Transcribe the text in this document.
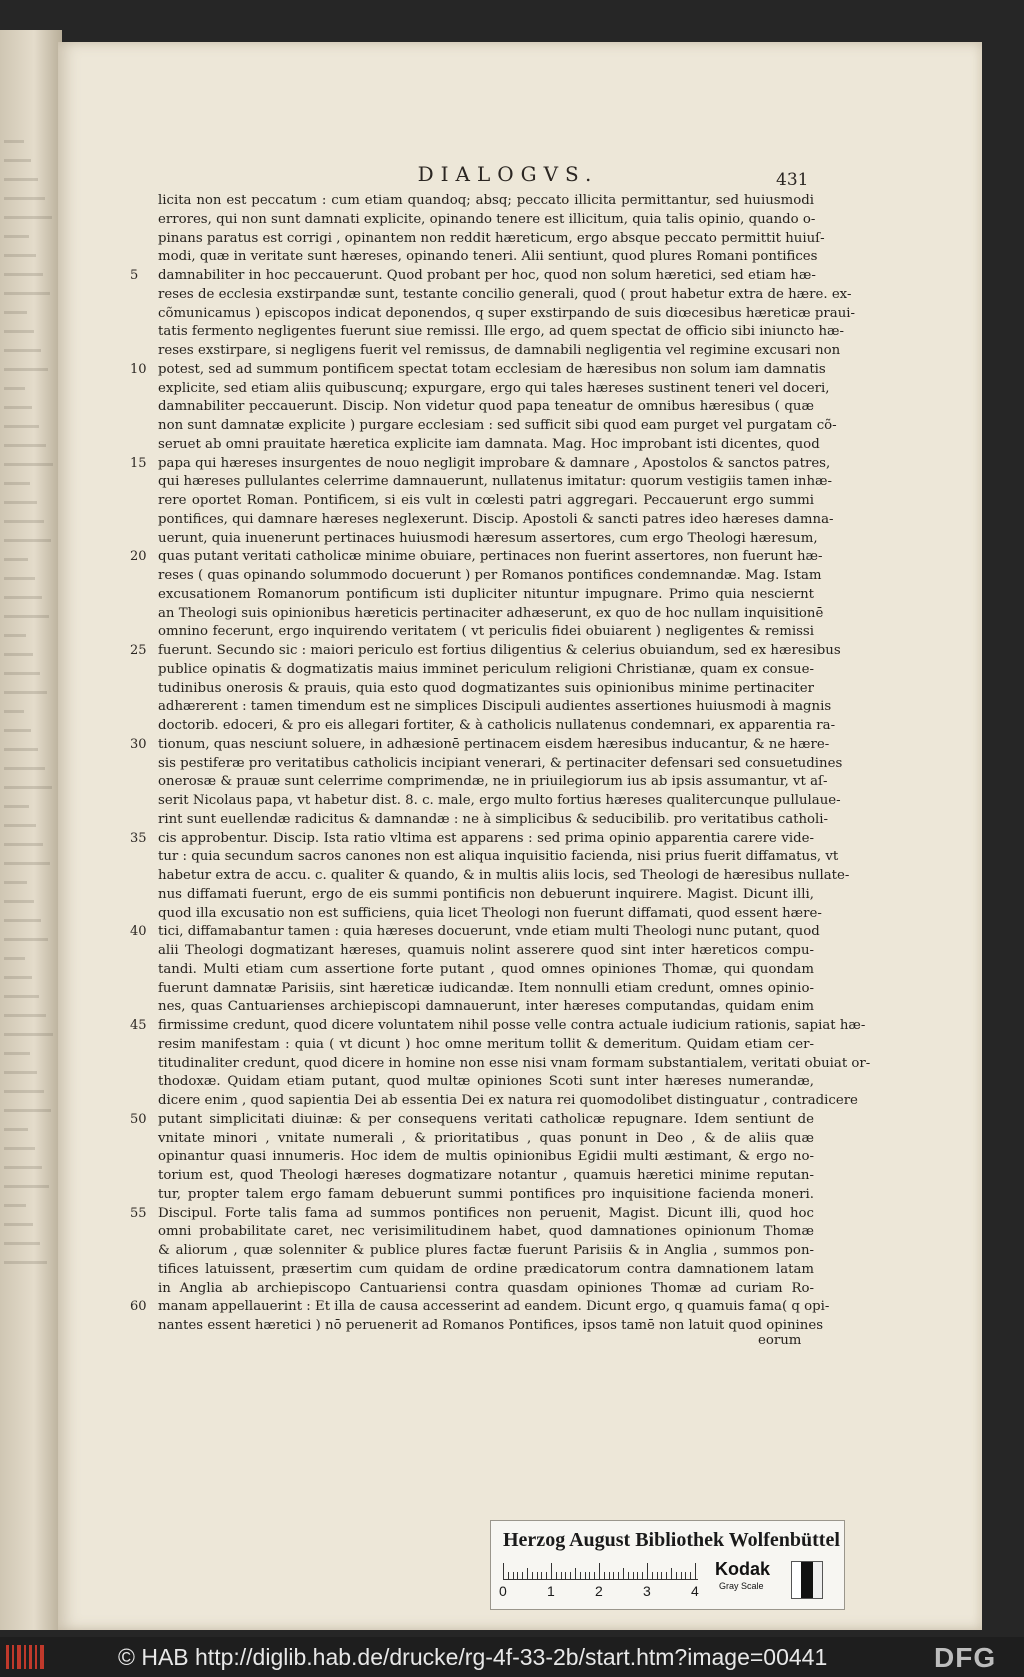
DIALOGVS.	431
licita non est peccatum : cum etiam quandoq; absq; peccato illicita permittantur, sed huiusmodi
errores, qui non sunt damnati explicite, opinando tenere est illicitum, quia talis opinio, quando o-
pinans paratus est corrigi , opinantem non reddit hæreticum, ergo absque peccato permittit huiuſ-
modi, quæ in veritate sunt hæreses, opinando teneri. Alii sentiunt, quod plures Romani pontifices
5	damnabiliter in hoc peccauerunt. Quod probant per hoc, quod non solum hæretici, sed etiam hæ-
reses de ecclesia exstirpandæ sunt, testante concilio generali, quod ( prout habetur extra de hære. ex-
cõmunicamus ) episcopos indicat deponendos, q super exstirpando de suis diœcesibus hæreticæ praui-
tatis fermento negligentes fuerunt siue remissi. Ille ergo, ad quem spectat de officio sibi iniuncto hæ-
reses exstirpare, si negligens fuerit vel remissus, de damnabili negligentia vel regimine excusari non
10 potest, sed ad summum pontificem spectat totam ecclesiam de hæresibus non solum iam damnatis
explicite, sed etiam aliis quibuscunq; expurgare, ergo qui tales hæreses sustinent teneri vel doceri,
damnabiliter peccauerunt. Discip. Non videtur quod papa teneatur de omnibus hæresibus ( quæ
non sunt damnatæ explicite ) purgare ecclesiam : sed sufficit sibi quod eam purget vel purgatam cõ-
seruet ab omni prauitate hæretica explicite iam damnata. Mag. Hoc improbant isti dicentes, quod
15 papa qui hæreses insurgentes de nouo negligit improbare & damnare , Apostolos & sanctos patres,
qui hæreses pullulantes celerrime damnauerunt, nullatenus imitatur: quorum vestigiis tamen inhæ-
rere oportet Roman. Pontificem, si eis vult in cœlesti patri aggregari. Peccauerunt ergo summi
pontifices, qui damnare hæreses neglexerunt. Discip. Apostoli & sancti patres ideo hæreses damna-
uerunt, quia inuenerunt pertinaces huiusmodi hæresum assertores, cum ergo Theologi hæresum,
20 quas putant veritati catholicæ minime obuiare, pertinaces non fuerint assertores, non fuerunt hæ-
reses ( quas opinando solummodo docuerunt ) per Romanos pontifices condemnandæ. Mag. Istam
excusationem Romanorum pontificum isti dupliciter nituntur impugnare. Primo quia nesciernt
an Theologi suis opinionibus hæreticis pertinaciter adhæserunt, ex quo de hoc nullam inquisitionē
omnino fecerunt, ergo inquirendo veritatem ( vt periculis fidei obuiarent ) negligentes & remissi
25 fuerunt. Secundo sic : maiori periculo est fortius diligentius & celerius obuiandum, sed ex hæresibus
publice opinatis & dogmatizatis maius imminet periculum religioni Christianæ, quam ex consue-
tudinibus onerosis & prauis, quia esto quod dogmatizantes suis opinionibus minime pertinaciter
adhærerent : tamen timendum est ne simplices Discipuli audientes assertiones huiusmodi à magnis
doctorib. edoceri, & pro eis allegari fortiter, & à catholicis nullatenus condemnari, ex apparentia ra-
30 tionum, quas nesciunt soluere, in adhæsionē pertinacem eisdem hæresibus inducantur, & ne hære-
sis pestiferæ pro veritatibus catholicis incipiant venerari, & pertinaciter defensari sed consuetudines
onerosæ & prauæ sunt celerrime comprimendæ, ne in priuilegiorum ius ab ipsis assumantur, vt aſ-
serit Nicolaus papa, vt habetur dist. 8. c. male, ergo multo fortius hæreses qualitercunque pullulaue-
rint sunt euellendæ radicitus & damnandæ : ne à simplicibus & seducibilib. pro veritatibus catholi-
35 cis approbentur. Discip. Ista ratio vltima est apparens : sed prima opinio apparentia carere vide-
tur : quia secundum sacros canones non est aliqua inquisitio facienda, nisi prius fuerit diffamatus, vt
habetur extra de accu. c. qualiter & quando, & in multis aliis locis, sed Theologi de hæresibus nullate-
nus diffamati fuerunt, ergo de eis summi pontificis non debuerunt inquirere. Magist. Dicunt illi,
quod illa excusatio non est sufficiens, quia licet Theologi non fuerunt diffamati, quod essent hære-
40 tici, diffamabantur tamen : quia hæreses docuerunt, vnde etiam multi Theologi nunc putant, quod
alii Theologi dogmatizant hæreses, quamuis nolint asserere quod sint inter hæreticos compu-
tandi. Multi etiam cum assertione forte putant , quod omnes opiniones Thomæ, qui quondam
fuerunt damnatæ Parisiis, sint hæreticæ iudicandæ. Item nonnulli etiam credunt, omnes opinio-
nes, quas Cantuarienses archiepiscopi damnauerunt, inter hæreses computandas, quidam enim
45 firmissime credunt, quod dicere voluntatem nihil posse velle contra actuale iudicium rationis, sapiat hæ-
resim manifestam : quia ( vt dicunt ) hoc omne meritum tollit & demeritum. Quidam etiam cer-
titudinaliter credunt, quod dicere in homine non esse nisi vnam formam substantialem, veritati obuiat or-
thodoxæ. Quidam etiam putant, quod multæ opiniones Scoti sunt inter hæreses numerandæ,
dicere enim , quod sapientia Dei ab essentia Dei ex natura rei quomodolibet distinguatur , contradicere
50 putant simplicitati diuinæ: & per consequens veritati catholicæ repugnare. Idem sentiunt de
vnitate minori , vnitate numerali , & prioritatibus , quas ponunt in Deo , & de aliis quæ
opinantur quasi innumeris. Hoc idem de multis opinionibus Egidii multi æstimant, & ergo no-
torium est, quod Theologi hæreses dogmatizare notantur , quamuis hæretici minime reputan-
tur, propter talem ergo famam debuerunt summi pontifices pro inquisitione facienda moneri.
55 Discipul. Forte talis fama ad summos pontifices non peruenit, Magist. Dicunt illi, quod hoc
omni probabilitate caret, nec verisimilitudinem habet, quod damnationes opinionum Thomæ
& aliorum , quæ solenniter & publice plures factæ fuerunt Parisiis & in Anglia , summos pon-
tifices latuissent, præsertim cum quidam de ordine prædicatorum contra damnationem latam
in Anglia ab archiepiscopo Cantuariensi contra quasdam opiniones Thomæ ad curiam Ro-
60 manam appellauerint : Et illa de causa accesserint ad eandem. Dicunt ergo, q quamuis fama( q opi-
nantes essent hæretici ) nō peruenerit ad Romanos Pontifices, ipsos tamē non latuit quod opinines
eorum
Herzog August Bibliothek Wolfenbüttel
0	1	2	3	4
Kodak
Gray Scale
© HAB http://diglib.hab.de/drucke/rg-4f-33-2b/start.htm?image=00441	DFG
